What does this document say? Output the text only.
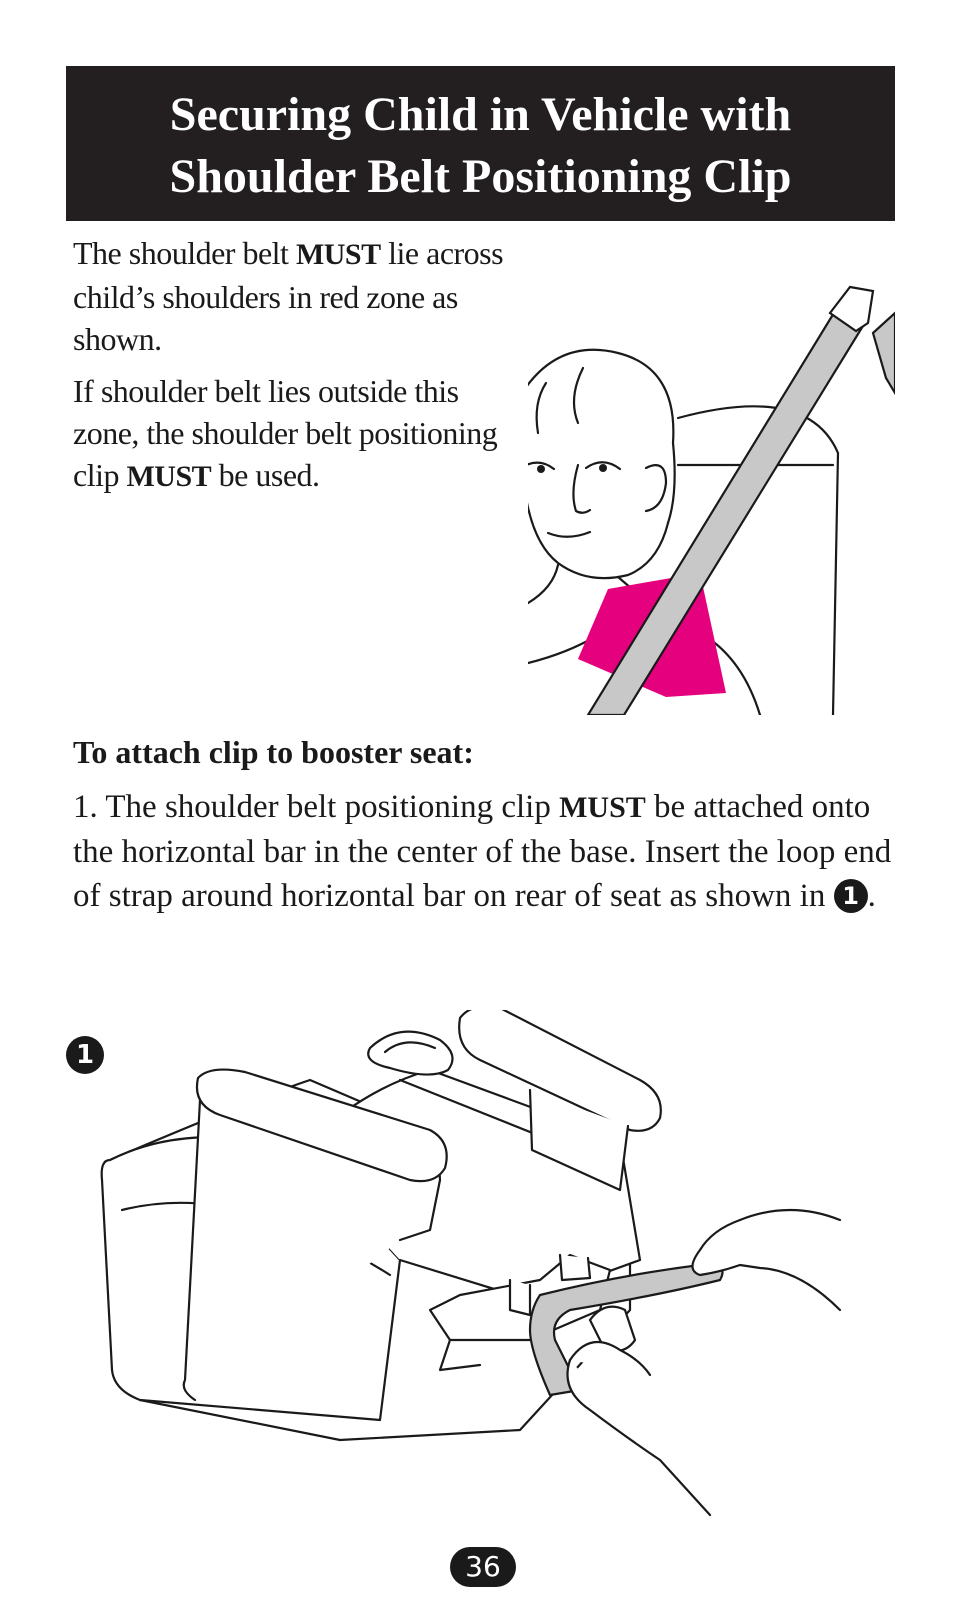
Securing Child in Vehicle with
Shoulder Belt Positioning Clip

The shoulder belt MUST lie across child’s shoulders in red zone as shown.

If shoulder belt lies outside this zone, the shoulder belt positioning clip MUST be used.

To attach clip to booster seat:

1. The shoulder belt positioning clip MUST be attached onto the horizontal bar in the center of the base. Insert the loop end of strap around horizontal bar on rear of seat as shown in 1 .

1
36
